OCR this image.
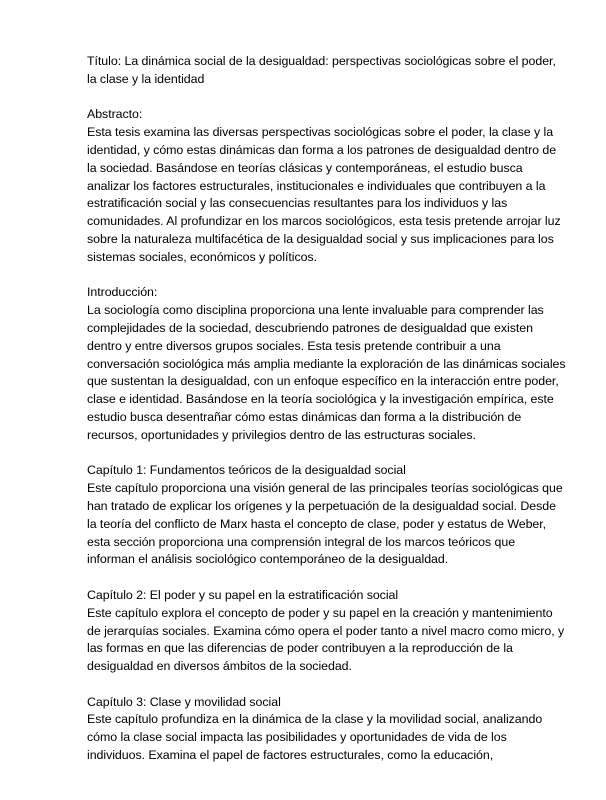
Título: La dinámica social de la desigualdad: perspectivas sociológicas sobre el poder, la clase y la identidad
Abstracto:
Esta tesis examina las diversas perspectivas sociológicas sobre el poder, la clase y la identidad, y cómo estas dinámicas dan forma a los patrones de desigualdad dentro de la sociedad. Basándose en teorías clásicas y contemporáneas, el estudio busca analizar los factores estructurales, institucionales e individuales que contribuyen a la estratificación social y las consecuencias resultantes para los individuos y las comunidades. Al profundizar en los marcos sociológicos, esta tesis pretende arrojar luz sobre la naturaleza multifacética de la desigualdad social y sus implicaciones para los sistemas sociales, económicos y políticos.
Introducción:
La sociología como disciplina proporciona una lente invaluable para comprender las complejidades de la sociedad, descubriendo patrones de desigualdad que existen dentro y entre diversos grupos sociales. Esta tesis pretende contribuir a una conversación sociológica más amplia mediante la exploración de las dinámicas sociales que sustentan la desigualdad, con un enfoque específico en la interacción entre poder, clase e identidad. Basándose en la teoría sociológica y la investigación empírica, este estudio busca desentrañar cómo estas dinámicas dan forma a la distribución de recursos, oportunidades y privilegios dentro de las estructuras sociales.
Capítulo 1: Fundamentos teóricos de la desigualdad social
Este capítulo proporciona una visión general de las principales teorías sociológicas que han tratado de explicar los orígenes y la perpetuación de la desigualdad social. Desde la teoría del conflicto de Marx hasta el concepto de clase, poder y estatus de Weber, esta sección proporciona una comprensión integral de los marcos teóricos que informan el análisis sociológico contemporáneo de la desigualdad.
Capítulo 2: El poder y su papel en la estratificación social
Este capítulo explora el concepto de poder y su papel en la creación y mantenimiento de jerarquías sociales. Examina cómo opera el poder tanto a nivel macro como micro, y las formas en que las diferencias de poder contribuyen a la reproducción de la desigualdad en diversos ámbitos de la sociedad.
Capítulo 3: Clase y movilidad social
Este capítulo profundiza en la dinámica de la clase y la movilidad social, analizando cómo la clase social impacta las posibilidades y oportunidades de vida de los individuos. Examina el papel de factores estructurales, como la educación,
